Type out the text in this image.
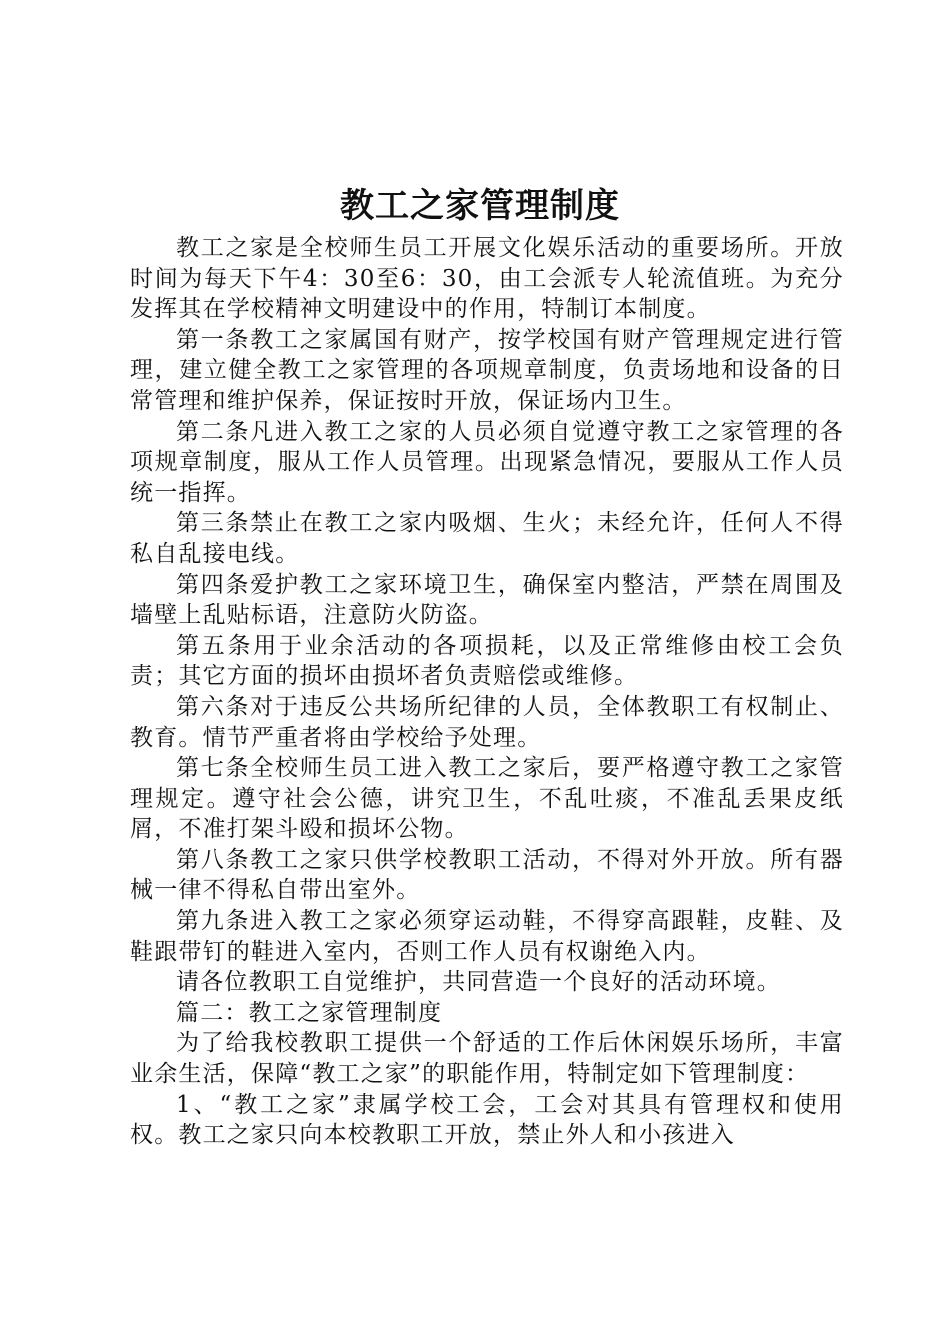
教工之家管理制度

教工之家是全校师生员工开展文化娱乐活动的重要场所。开放时间为每天下午4：30至6：30，由工会派专人轮流值班。为充分发挥其在学校精神文明建设中的作用，特制订本制度。

第一条教工之家属国有财产，按学校国有财产管理规定进行管理，建立健全教工之家管理的各项规章制度，负责场地和设备的日常管理和维护保养，保证按时开放，保证场内卫生。

第二条凡进入教工之家的人员必须自觉遵守教工之家管理的各项规章制度，服从工作人员管理。出现紧急情况，要服从工作人员统一指挥。

第三条禁止在教工之家内吸烟、生火；未经允许，任何人不得私自乱接电线。

第四条爱护教工之家环境卫生，确保室内整洁，严禁在周围及墙壁上乱贴标语，注意防火防盗。

第五条用于业余活动的各项损耗，以及正常维修由校工会负责；其它方面的损坏由损坏者负责赔偿或维修。

第六条对于违反公共场所纪律的人员，全体教职工有权制止、教育。情节严重者将由学校给予处理。

第七条全校师生员工进入教工之家后，要严格遵守教工之家管理规定。遵守社会公德，讲究卫生，不乱吐痰，不准乱丢果皮纸屑，不准打架斗殴和损坏公物。

第八条教工之家只供学校教职工活动，不得对外开放。所有器械一律不得私自带出室外。

第九条进入教工之家必须穿运动鞋，不得穿高跟鞋，皮鞋、及鞋跟带钉的鞋进入室内，否则工作人员有权谢绝入内。

请各位教职工自觉维护，共同营造一个良好的活动环境。

篇二：教工之家管理制度

为了给我校教职工提供一个舒适的工作后休闲娱乐场所，丰富业余生活，保障“教工之家”的职能作用，特制定如下管理制度：

1、“教工之家”隶属学校工会，工会对其具有管理权和使用权。教工之家只向本校教职工开放，禁止外人和小孩进入
